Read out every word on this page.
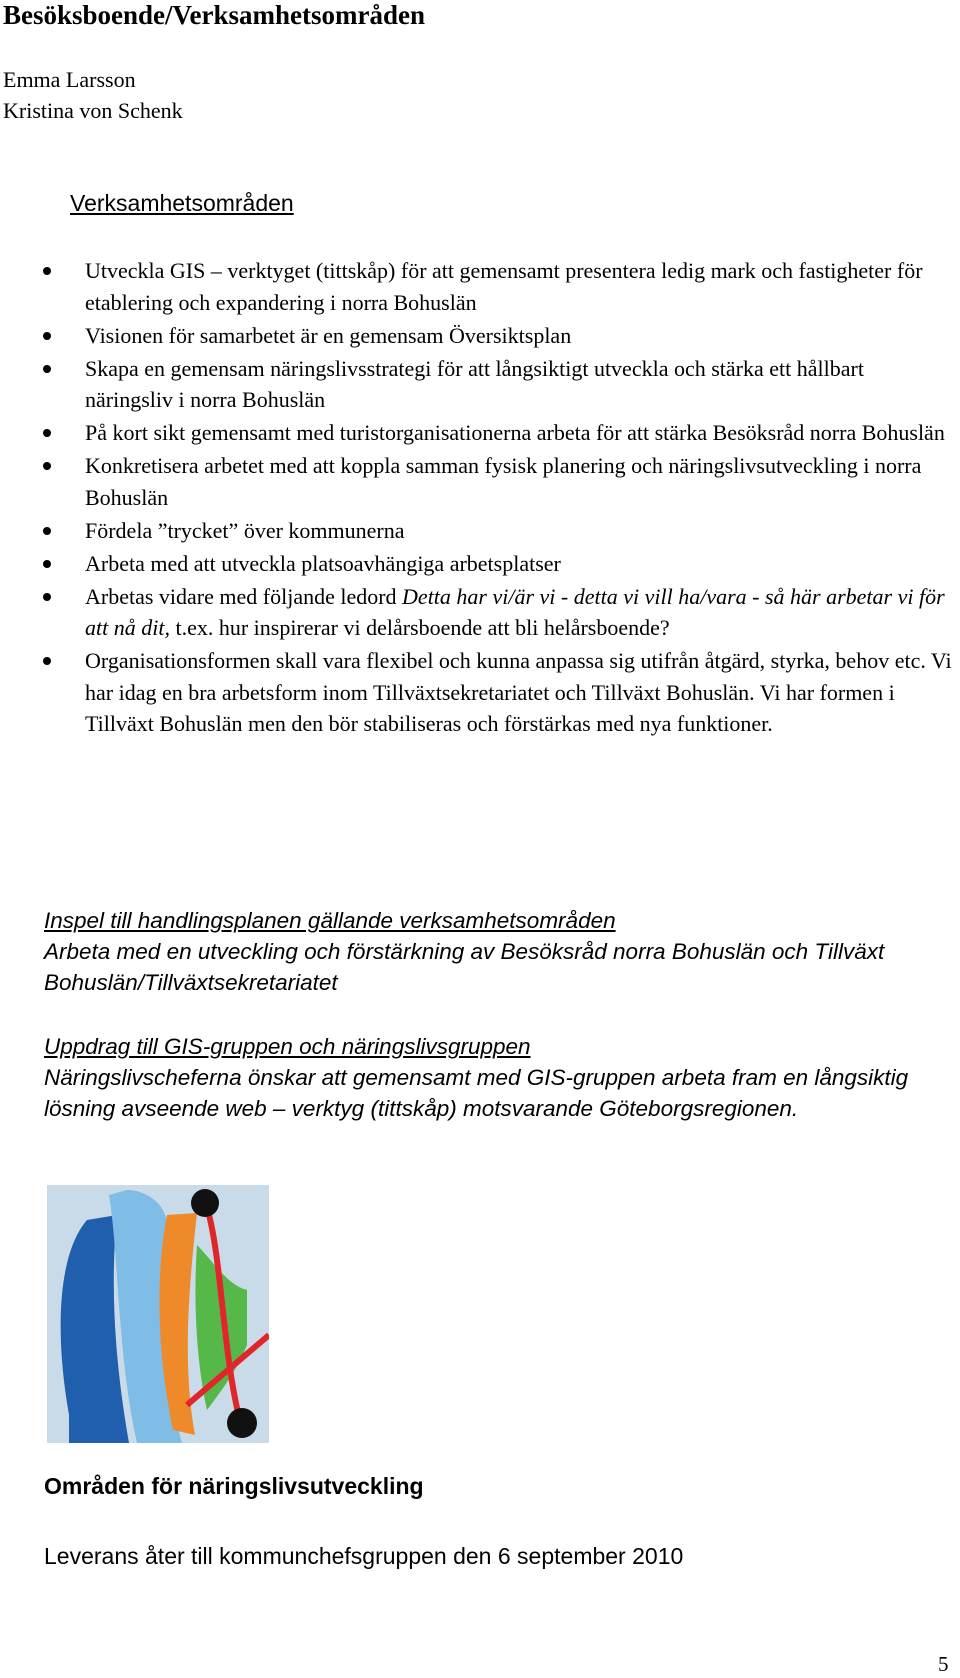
Besöksboende/Verksamhetsområden
Emma Larsson
Kristina von Schenk
Verksamhetsområden
Utveckla GIS – verktyget (tittskåp) för att gemensamt presentera ledig mark och fastigheter för etablering och expandering i norra Bohuslän
Visionen för samarbetet är en gemensam Översiktsplan
Skapa en gemensam näringslivsstrategi för att långsiktigt utveckla och stärka ett hållbart näringsliv i norra Bohuslän
På kort sikt gemensamt med turistorganisationerna arbeta för att stärka Besöksråd norra Bohuslän
Konkretisera arbetet med att koppla samman fysisk planering och näringslivsutveckling i norra Bohuslän
Fördela ”trycket” över kommunerna
Arbeta med att utveckla platsoavhängiga arbetsplatser
Arbetas vidare med följande ledord Detta har vi/är vi - detta vi vill ha/vara - så här arbetar vi för att nå dit, t.ex. hur inspirerar vi delårsboende att bli helårsboende?
Organisationsformen skall vara flexibel och kunna anpassa sig utifrån åtgärd, styrka, behov etc. Vi har idag en bra arbetsform inom Tillväxtsekretariatet och Tillväxt Bohuslän. Vi har formen i Tillväxt Bohuslän men den bör stabiliseras och förstärkas med nya funktioner.
Inspel till handlingsplanen gällande verksamhetsområden
Arbeta med en utveckling och förstärkning av Besöksråd norra Bohuslän och Tillväxt Bohuslän/Tillväxtsekretariatet
Uppdrag till GIS-gruppen och näringslivsgruppen
Näringslivscheferna önskar att gemensamt med GIS-gruppen arbeta fram en långsiktig lösning avseende web – verktyg (tittskåp) motsvarande Göteborgsregionen.
Områden för näringslivsutveckling
Leverans åter till kommunchefsgruppen den 6 september 2010
5
